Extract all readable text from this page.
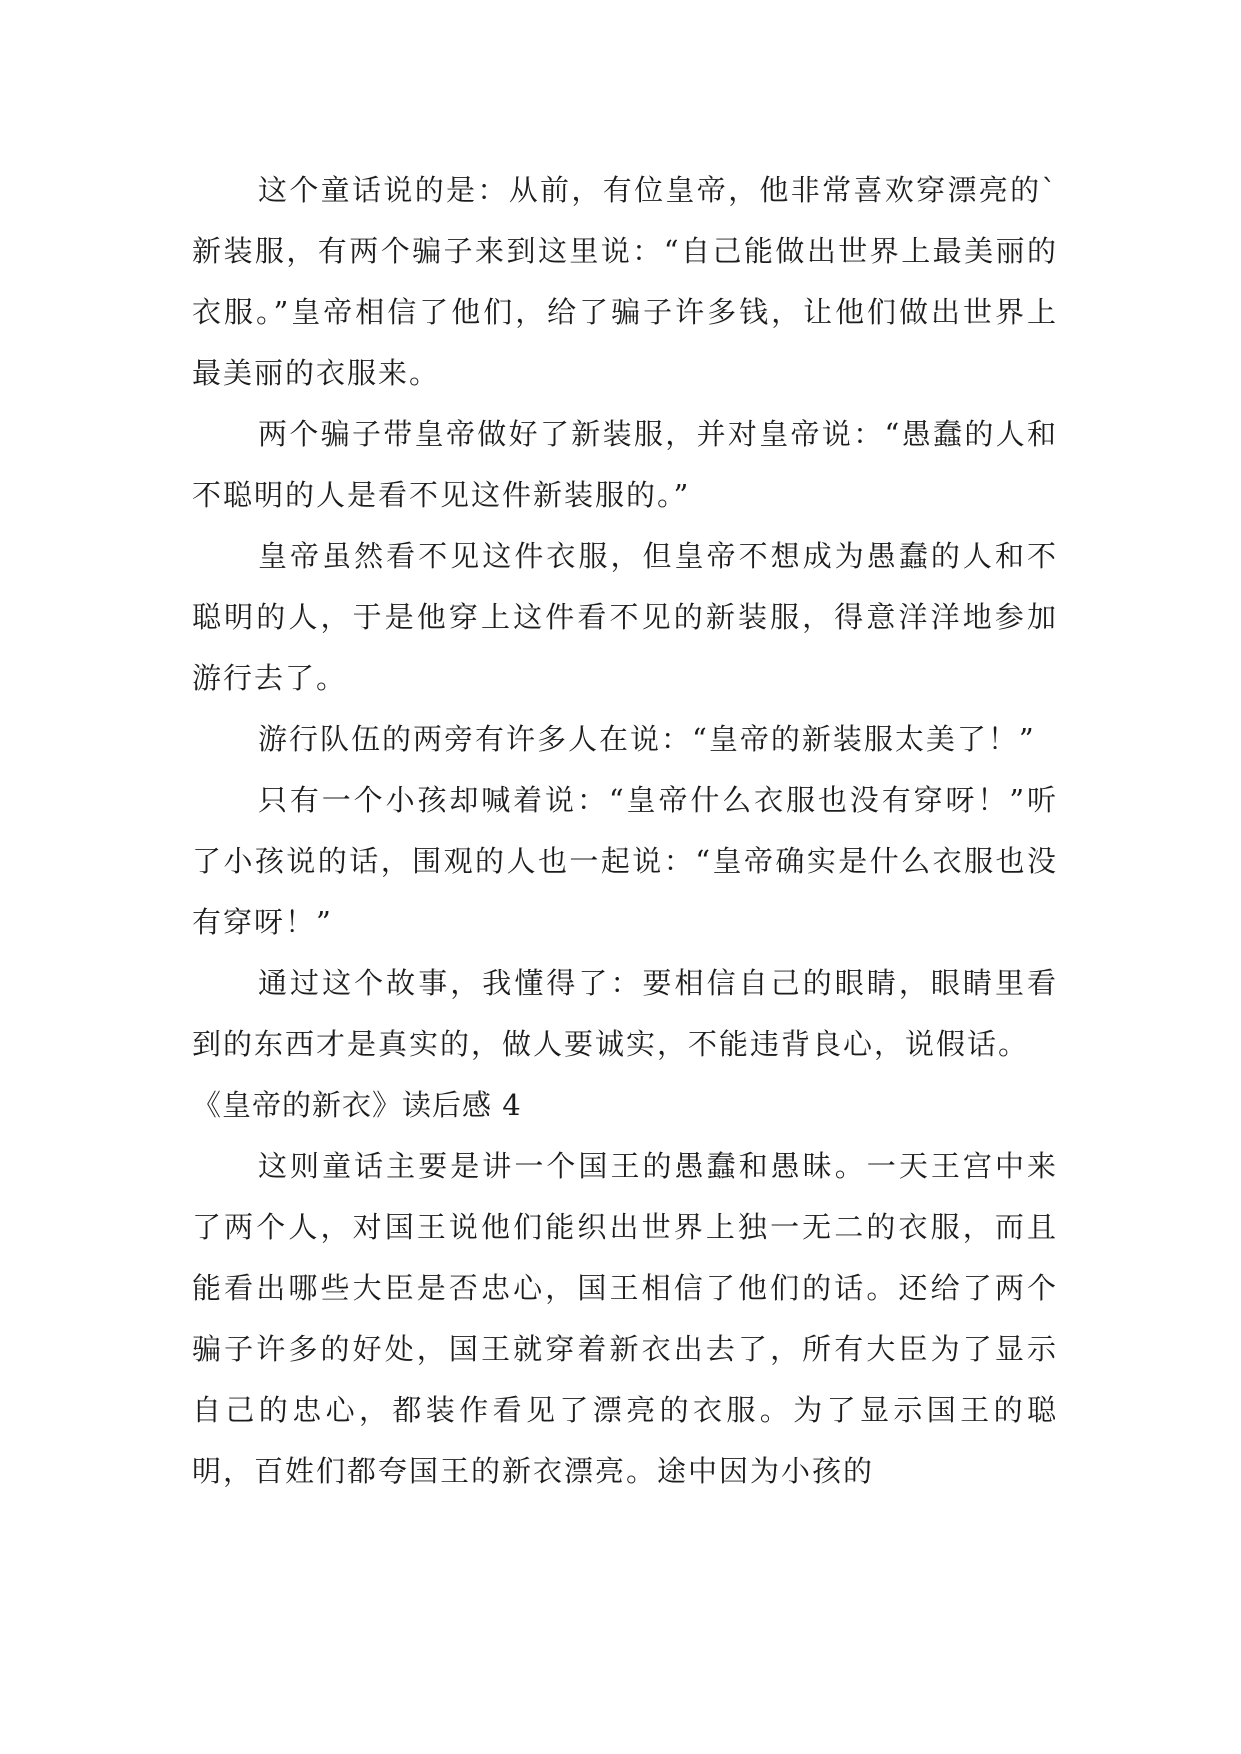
这个童话说的是：从前，有位皇帝，他非常喜欢穿漂亮的`新装服，有两个骗子来到这里说：“自己能做出世界上最美丽的衣服。”皇帝相信了他们，给了骗子许多钱，让他们做出世界上最美丽的衣服来。

两个骗子带皇帝做好了新装服，并对皇帝说：“愚蠢的人和不聪明的人是看不见这件新装服的。”

皇帝虽然看不见这件衣服，但皇帝不想成为愚蠢的人和不聪明的人，于是他穿上这件看不见的新装服，得意洋洋地参加游行去了。

游行队伍的两旁有许多人在说：“皇帝的新装服太美了！”

只有一个小孩却喊着说：“皇帝什么衣服也没有穿呀！”听了小孩说的话，围观的人也一起说：“皇帝确实是什么衣服也没有穿呀！”

通过这个故事，我懂得了：要相信自己的眼睛，眼睛里看到的东西才是真实的，做人要诚实，不能违背良心，说假话。

《皇帝的新衣》读后感 4

这则童话主要是讲一个国王的愚蠢和愚昧。一天王宫中来了两个人，对国王说他们能织出世界上独一无二的衣服，而且能看出哪些大臣是否忠心，国王相信了他们的话。还给了两个骗子许多的好处，国王就穿着新衣出去了，所有大臣为了显示自己的忠心，都装作看见了漂亮的衣服。为了显示国王的聪明，百姓们都夸国王的新衣漂亮。途中因为小孩的
